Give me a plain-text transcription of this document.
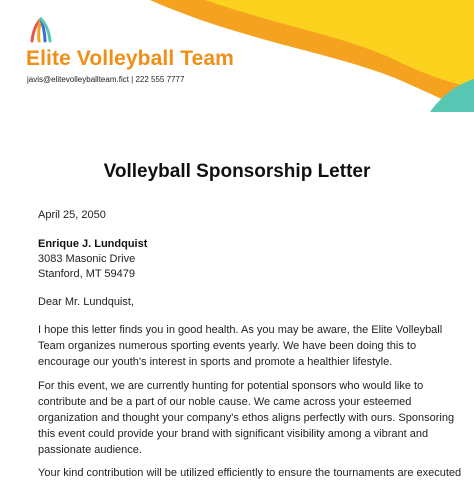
Elite Volleyball Team
javis@elitevolleyballteam.fict | 222 555 7777
Volleyball Sponsorship Letter
April 25, 2050
Enrique J. Lundquist
3083 Masonic Drive
Stanford, MT 59479
Dear Mr. Lundquist,
I hope this letter finds you in good health. As you may be aware, the Elite Volleyball
Team organizes numerous sporting events yearly. We have been doing this to
encourage our youth's interest in sports and promote a healthier lifestyle.
For this event, we are currently hunting for potential sponsors who would like to
contribute and be a part of our noble cause. We came across your esteemed
organization and thought your company's ethos aligns perfectly with ours. Sponsoring
this event could provide your brand with significant visibility among a vibrant and
passionate audience.
Your kind contribution will be utilized efficiently to ensure the tournaments are executed
